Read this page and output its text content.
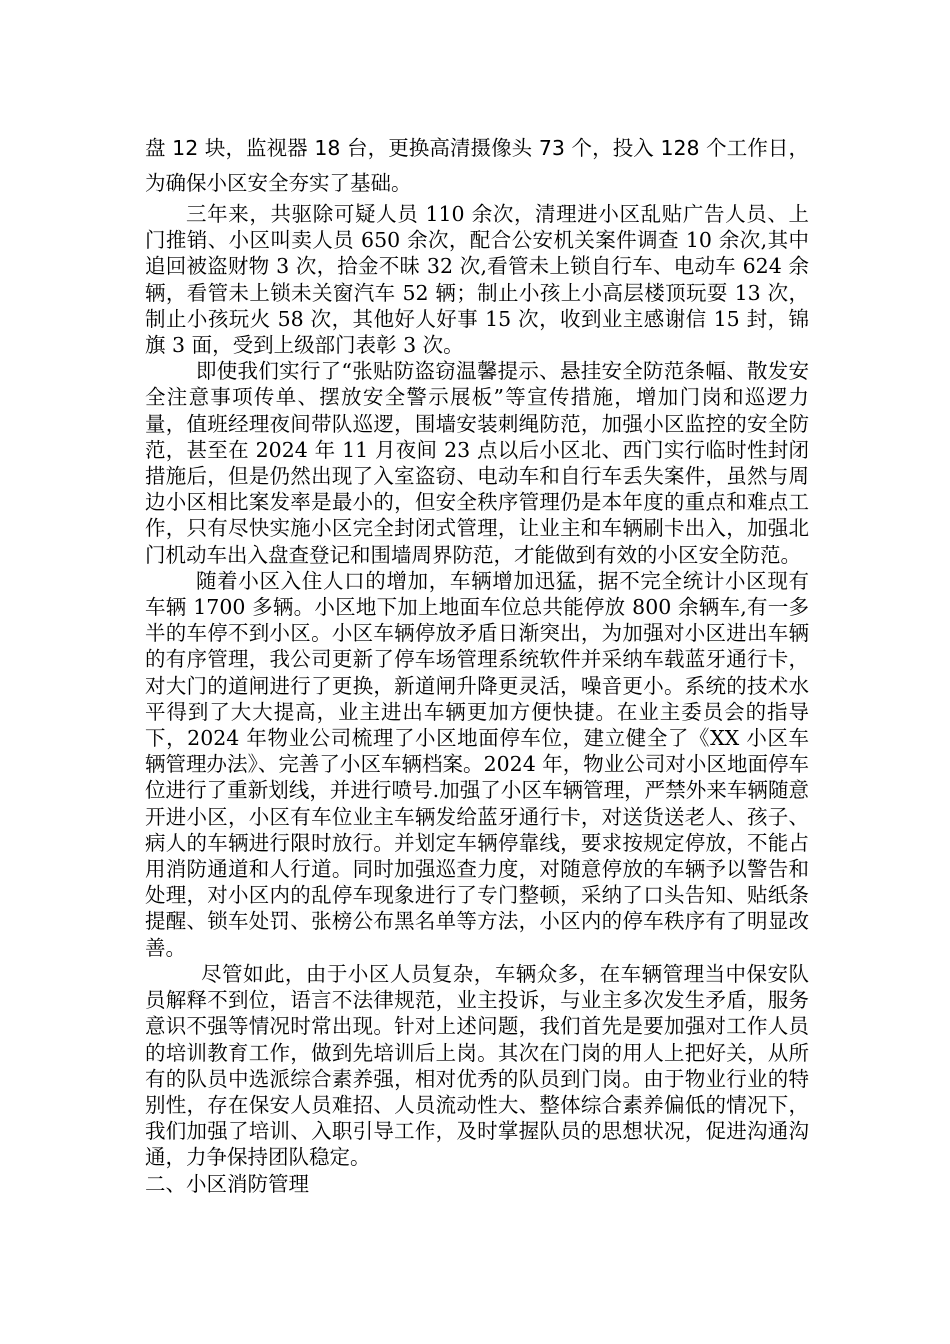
盘 12 块，监视器 18 台，更换高清摄像头 73 个，投入 128 个工作日，为确保小区安全夯实了基础。

三年来，共驱除可疑人员 110 余次，清理进小区乱贴广告人员、上门推销、小区叫卖人员 650 余次，配合公安机关案件调查 10 余次,其中追回被盗财物 3 次，拾金不昧 32 次,看管未上锁自行车、电动车 624 余辆，看管未上锁未关窗汽车 52 辆；制止小孩上小高层楼顶玩耍 13 次，制止小孩玩火 58 次，其他好人好事 15 次，收到业主感谢信 15 封，锦旗 3 面，受到上级部门表彰 3 次。

即使我们实行了“张贴防盗窃温馨提示、悬挂安全防范条幅、散发安全注意事项传单、摆放安全警示展板”等宣传措施，增加门岗和巡逻力量，值班经理夜间带队巡逻，围墙安装刺绳防范，加强小区监控的安全防范，甚至在 2024 年 11 月夜间 23 点以后小区北、西门实行临时性封闭措施后，但是仍然出现了入室盗窃、电动车和自行车丢失案件，虽然与周边小区相比案发率是最小的，但安全秩序管理仍是本年度的重点和难点工作，只有尽快实施小区完全封闭式管理，让业主和车辆刷卡出入，加强北门机动车出入盘查登记和围墙周界防范，才能做到有效的小区安全防范。

随着小区入住人口的增加，车辆增加迅猛，据不完全统计小区现有车辆 1700 多辆。小区地下加上地面车位总共能停放 800 余辆车,有一多半的车停不到小区。小区车辆停放矛盾日渐突出，为加强对小区进出车辆的有序管理，我公司更新了停车场管理系统软件并采纳车载蓝牙通行卡，对大门的道闸进行了更换，新道闸升降更灵活，噪音更小。系统的技术水平得到了大大提高，业主进出车辆更加方便快捷。在业主委员会的指导下，2024 年物业公司梳理了小区地面停车位，建立健全了《XX 小区车辆管理办法》、完善了小区车辆档案。2024 年，物业公司对小区地面停车位进行了重新划线，并进行喷号.加强了小区车辆管理，严禁外来车辆随意开进小区，小区有车位业主车辆发给蓝牙通行卡，对送货送老人、孩子、病人的车辆进行限时放行。并划定车辆停靠线，要求按规定停放，不能占用消防通道和人行道。同时加强巡查力度，对随意停放的车辆予以警告和处理，对小区内的乱停车现象进行了专门整顿，采纳了口头告知、贴纸条提醒、锁车处罚、张榜公布黑名单等方法，小区内的停车秩序有了明显改善。

尽管如此，由于小区人员复杂，车辆众多，在车辆管理当中保安队员解释不到位，语言不法律规范，业主投诉，与业主多次发生矛盾，服务意识不强等情况时常出现。针对上述问题，我们首先是要加强对工作人员的培训教育工作，做到先培训后上岗。其次在门岗的用人上把好关，从所有的队员中选派综合素养强，相对优秀的队员到门岗。由于物业行业的特别性，存在保安人员难招、人员流动性大、整体综合素养偏低的情况下，我们加强了培训、入职引导工作，及时掌握队员的思想状况，促进沟通沟通，力争保持团队稳定。

二、小区消防管理
